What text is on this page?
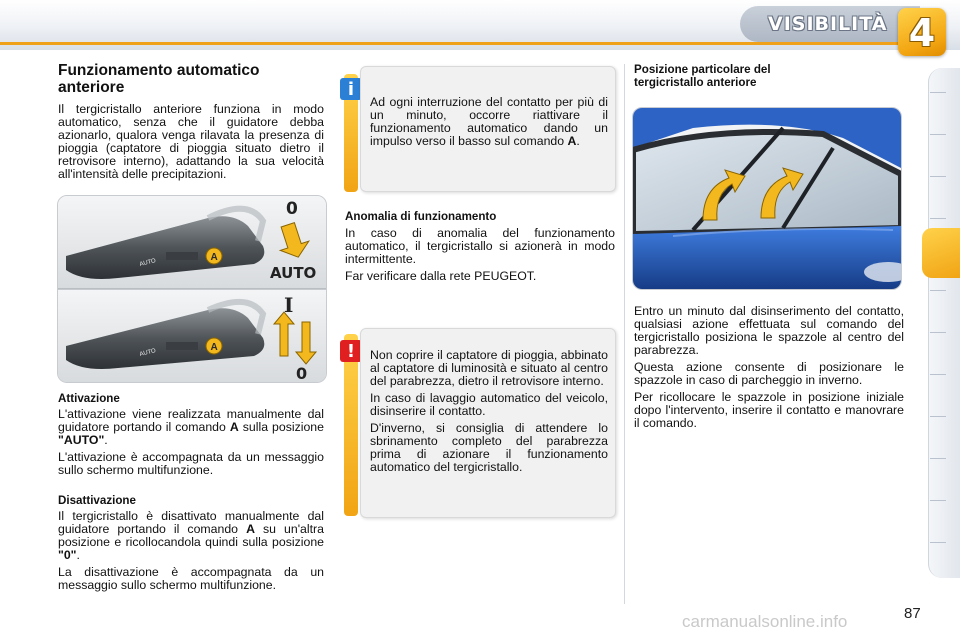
VISIBILITÀ 4
Funzionamento automatico
anteriore
Il tergicristallo anteriore funziona in modo automatico, senza che il guidatore debba azionarlo, qualora venga rilavata la presenza di pioggia (captatore di pioggia situato dietro il retrovisore interno), adattando la sua velocità all'intensità delle precipitazioni.
A
AUTO
0
AUTO
A
AUTO
I
0
Attivazione

L'attivazione viene realizzata manualmente dal guidatore portando il comando A sulla posizione "AUTO".

L'attivazione è accompagnata da un messaggio sullo schermo multifunzione.

Disattivazione

Il tergicristallo è disattivato manualmente dal guidatore portando il comando A su un'altra posizione e ricollocandola quindi sulla posizione "0".

La disattivazione è accompagnata da un messaggio sullo schermo multifunzione.

i
Ad ogni interruzione del contatto per più di un minuto, occorre riattivare il funzionamento automatico dando un impulso verso il basso sul comando A.
Anomalia di funzionamento

In caso di anomalia del funzionamento automatico, il tergicristallo si azionerà in modo intermittente.

Far verificare dalla rete PEUGEOT.

!	Non coprire il captatore di pioggia, abbinato al captatore di luminosità e situato al centro del parabrezza, dietro il retrovisore interno.

In caso di lavaggio automatico del veicolo, disinserire il contatto.

D'inverno, si consiglia di attendere lo sbrinamento completo del parabrezza prima di azionare il funzionamento automatico del tergicristallo.

Posizione particolare del
tergicristallo anteriore

Entro un minuto dal disinserimento del contatto, qualsiasi azione effettuata sul comando del tergicristallo posiziona le spazzole al centro del parabrezza.

Questa azione consente di posizionare le spazzole in caso di parcheggio in inverno.

Per ricollocare le spazzole in posizione iniziale dopo l'intervento, inserire il contatto e manovrare il comando.

carmanualsonline.info	87
